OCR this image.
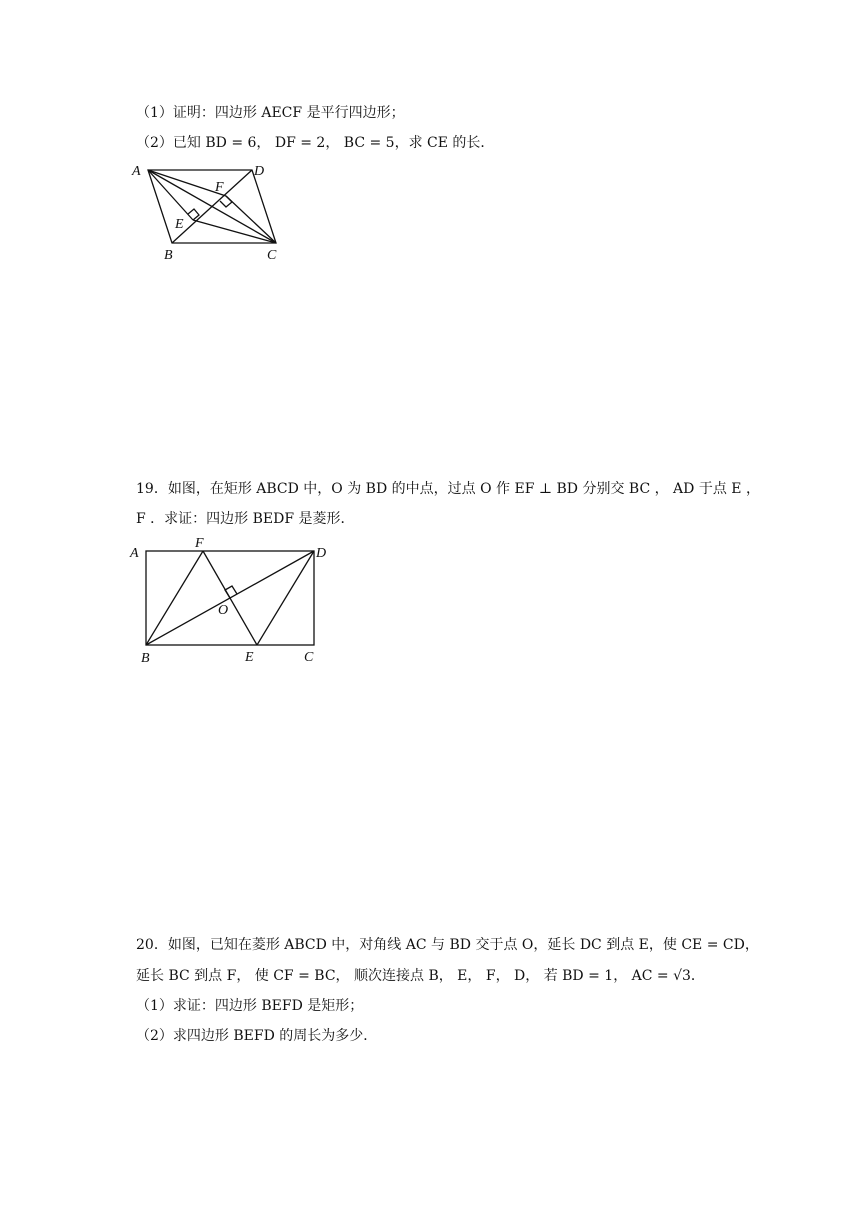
（1）证明：四边形 AECF 是平行四边形；
（2）已知 BD = 6， DF = 2， BC = 5，求 CE 的长．
A	D
B	C
E
F
19．如图，在矩形 ABCD 中，O 为 BD 的中点，过点 O 作 EF ⊥ BD 分别交 BC ， AD 于点 E ，
F ．求证：四边形 BEDF 是菱形．
A
F
D
O
B	E	C
20．如图，已知在菱形 ABCD 中，对角线 AC 与 BD 交于点 O，延长 DC 到点 E，使 CE = CD，
延长 BC 到点 F， 使 CF = BC， 顺次连接点 B， E， F， D， 若 BD = 1， AC = √3．
（1）求证：四边形 BEFD 是矩形；
（2）求四边形 BEFD 的周长为多少．
